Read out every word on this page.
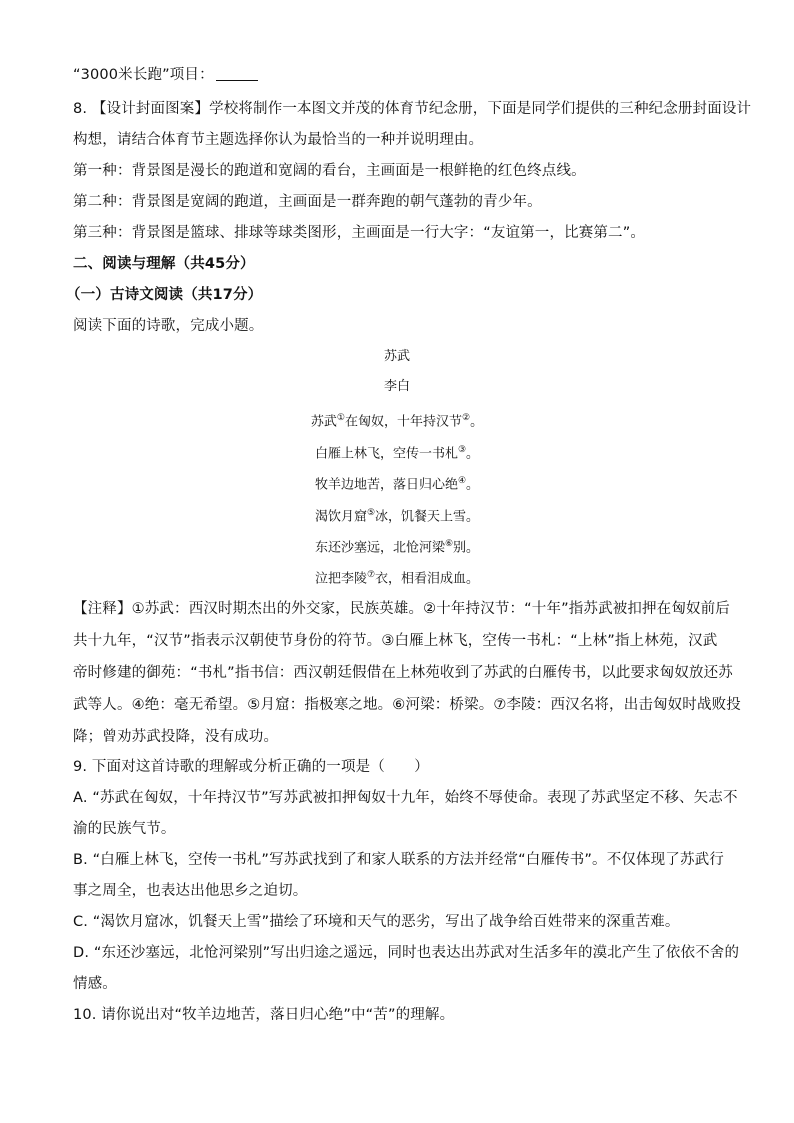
“3000米长跑”项目：
8. 【设计封面图案】学校将制作一本图文并茂的体育节纪念册，下面是同学们提供的三种纪念册封面设计
构想，请结合体育节主题选择你认为最恰当的一种并说明理由。
第一种：背景图是漫长的跑道和宽阔的看台，主画面是一根鲜艳的红色终点线。
第二种：背景图是宽阔的跑道，主画面是一群奔跑的朝气蓬勃的青少年。
第三种：背景图是篮球、排球等球类图形，主画面是一行大字：“友谊第一，比赛第二”。
二、阅读与理解（共45分）
（一）古诗文阅读（共17分）
阅读下面的诗歌，完成小题。
苏武
李白
苏武①在匈奴，十年持汉节②。
白雁上林飞，空传一书札③。
牧羊边地苦，落日归心绝④。
渴饮月窟⑤冰，饥餐天上雪。
东还沙塞远，北怆河梁⑥别。
泣把李陵⑦衣，相看泪成血。
【注释】①苏武：西汉时期杰出的外交家，民族英雄。②十年持汉节：“十年”指苏武被扣押在匈奴前后
共十九年，“汉节”指表示汉朝使节身份的符节。③白雁上林飞，空传一书札：“上林”指上林苑，汉武
帝时修建的御苑：“书札”指书信：西汉朝廷假借在上林苑收到了苏武的白雁传书，以此要求匈奴放还苏
武等人。④绝：毫无希望。⑤月窟：指极寒之地。⑥河梁：桥梁。⑦李陵：西汉名将，出击匈奴时战败投
降；曾劝苏武投降，没有成功。
9. 下面对这首诗歌的理解或分析正确的一项是（　　）
A. “苏武在匈奴，十年持汉节”写苏武被扣押匈奴十九年，始终不辱使命。表现了苏武坚定不移、矢志不
渝的民族气节。
B. “白雁上林飞，空传一书札”写苏武找到了和家人联系的方法并经常“白雁传书”。不仅体现了苏武行
事之周全，也表达出他思乡之迫切。
C. “渴饮月窟冰，饥餐天上雪”描绘了环境和天气的恶劣，写出了战争给百姓带来的深重苦难。
D. “东还沙塞远，北怆河梁别”写出归途之遥远，同时也表达出苏武对生活多年的漠北产生了依依不舍的
情感。
10. 请你说出对“牧羊边地苦，落日归心绝”中“苦”的理解。
